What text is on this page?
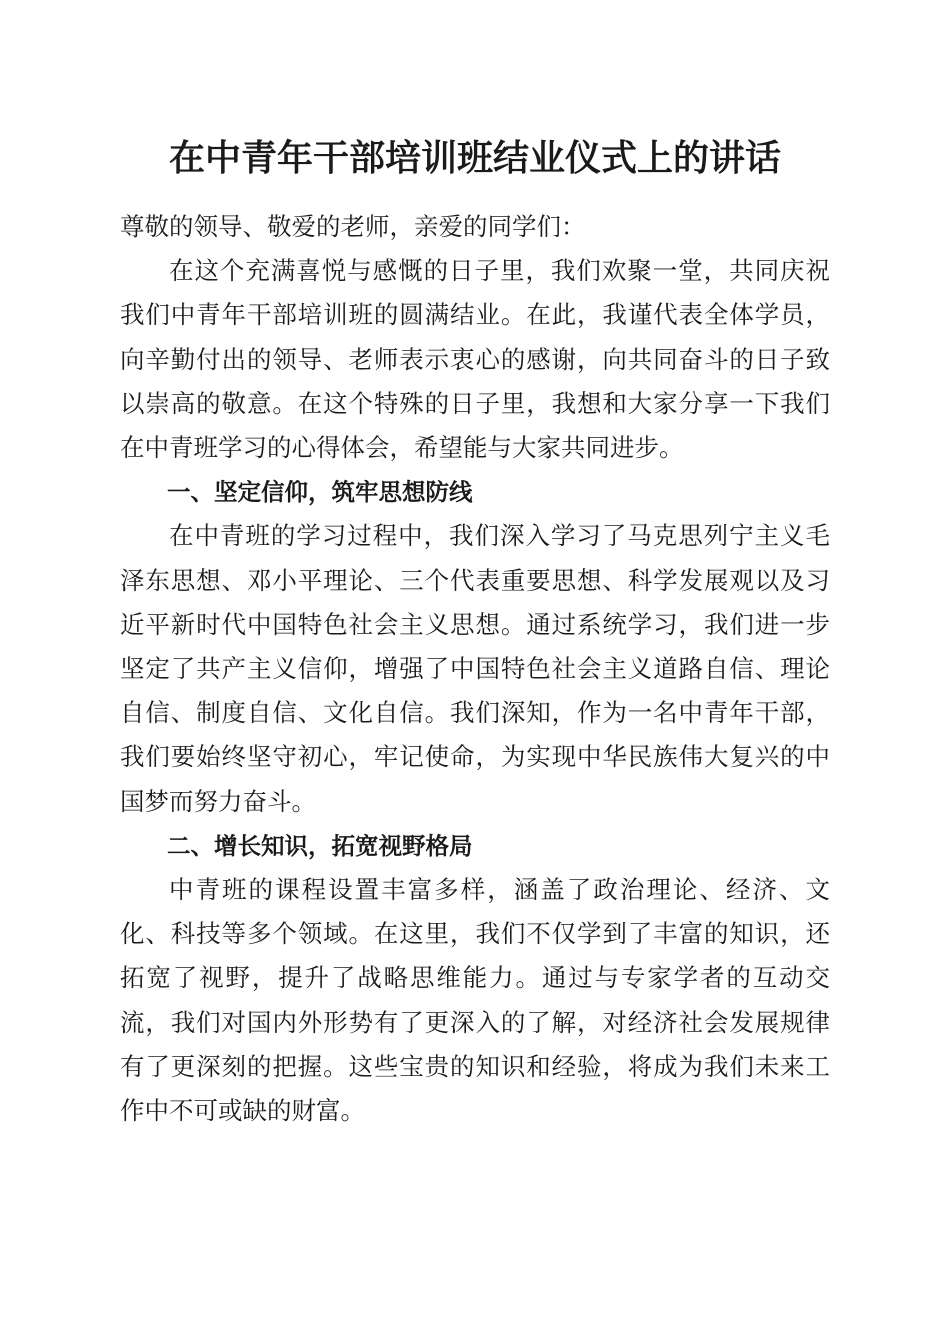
在中青年干部培训班结业仪式上的讲话

尊敬的领导、敬爱的老师，亲爱的同学们：

在这个充满喜悦与感慨的日子里，我们欢聚一堂，共同庆祝我们中青年干部培训班的圆满结业。在此，我谨代表全体学员，向辛勤付出的领导、老师表示衷心的感谢，向共同奋斗的日子致以崇高的敬意。在这个特殊的日子里，我想和大家分享一下我们在中青班学习的心得体会，希望能与大家共同进步。

一、坚定信仰，筑牢思想防线

在中青班的学习过程中，我们深入学习了马克思列宁主义毛泽东思想、邓小平理论、三个代表重要思想、科学发展观以及习近平新时代中国特色社会主义思想。通过系统学习，我们进一步坚定了共产主义信仰，增强了中国特色社会主义道路自信、理论自信、制度自信、文化自信。我们深知，作为一名中青年干部，我们要始终坚守初心，牢记使命，为实现中华民族伟大复兴的中国梦而努力奋斗。

二、增长知识，拓宽视野格局

中青班的课程设置丰富多样，涵盖了政治理论、经济、文化、科技等多个领域。在这里，我们不仅学到了丰富的知识，还拓宽了视野，提升了战略思维能力。通过与专家学者的互动交流，我们对国内外形势有了更深入的了解，对经济社会发展规律有了更深刻的把握。这些宝贵的知识和经验，将成为我们未来工作中不可或缺的财富。
